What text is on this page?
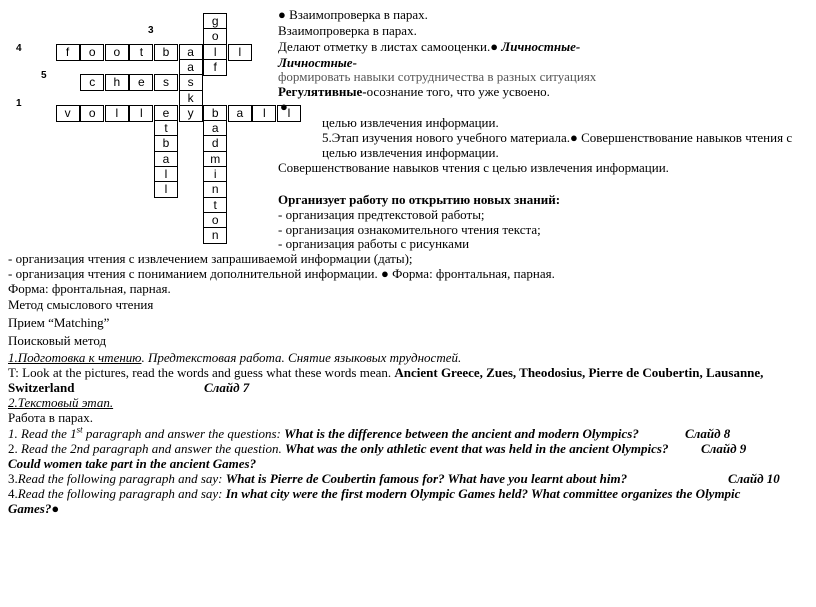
3
4
5
1
g
o
f	o	o	t	b	a	l	l
a	f
c	h	e	s	s
k
v	o	l	l	e	y	b	a	l	l
t	a
b	d
a	m
l	i
l	n
t
o
n
● Взаимопроверка в парах.
Взаимопроверка в парах.
Делают отметку в листах самооценки.● Личностные-
Личностные-
формировать навыки сотрудничества в разных ситуациях
Регулятивные-осознание того, что уже усвоено.
●
целью извлечения информации.
5.Этап изучения нового учебного материала.● Совершенствование навыков чтения с
целью извлечения информации.
Совершенствование навыков чтения с целью извлечения информации.
Организует работу по открытию новых знаний:
- организация предтекстовой работы;
- организация ознакомительного чтения текста;
- организация работы с рисунками
- организация чтения с извлечением запрашиваемой информации (даты);
- организация чтения с пониманием дополнительной информации. ● Форма: фронтальная, парная.
Форма: фронтальная, парная.
Метод смыслового чтения
Прием “Matching”
Поисковый метод
1.Подготовка к чтению. Предтекстовая работа. Снятие языковых трудностей.
T: Look at the pictures, read the words and guess what these words mean. Ancient Greece, Zues, Theodosius, Pierre de Coubertin, Lausanne,
Switzerland	Слайд 7
2.Текстовый этап.
Работа в парах.
1. Read the 1st paragraph and answer the questions: What is the difference between the ancient and modern Olympics?	Слайд 8
2. Read the 2nd paragraph and answer the question. What was the only athletic event that was held in the ancient Olympics?	Слайд 9
Could women take part in the ancient Games?
3.Read the following paragraph and say: What is Pierre de Coubertin famous for? What have you learnt about him?	Слайд 10
4.Read the following paragraph and say: In what city were the first modern Olympic Games held? What committee organizes the Olympic
Games?●
